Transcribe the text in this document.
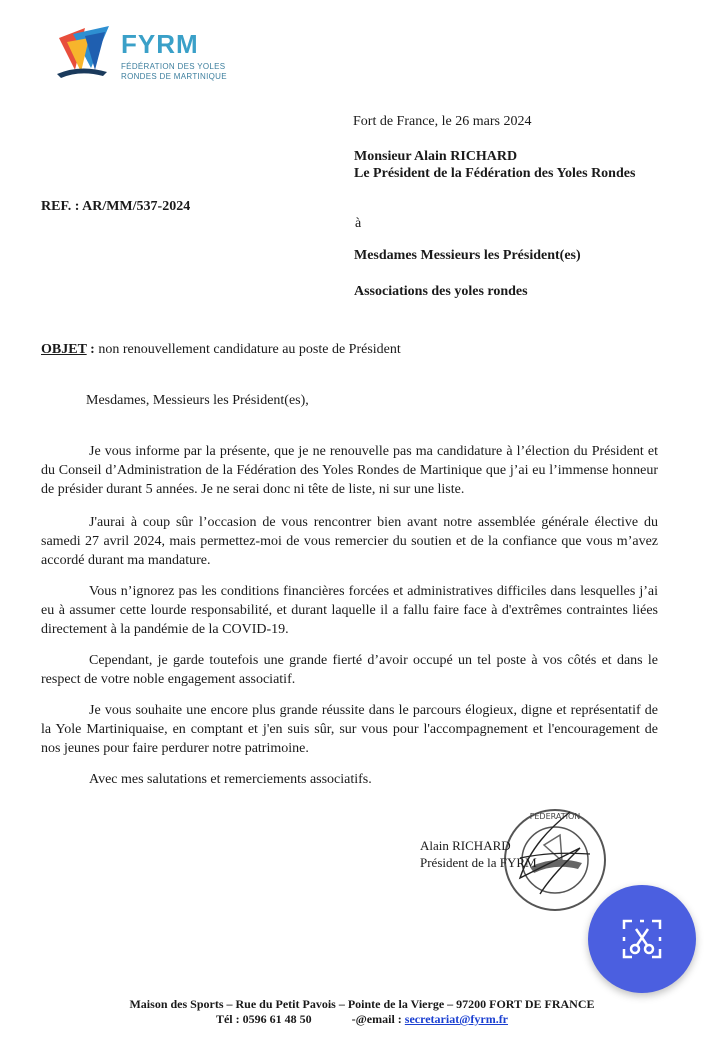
FYRM
FÉDÉRATION DES YOLES RONDES DE MARTINIQUE
Fort de France, le 26 mars 2024
Monsieur Alain RICHARD
Le Président de la Fédération des Yoles Rondes
REF. : AR/MM/537-2024
à
Mesdames Messieurs les Président(es)
Associations des yoles rondes
OBJET : non renouvellement candidature au poste de Président
Mesdames, Messieurs les Président(es),
Je vous informe par la présente, que je ne renouvelle pas ma candidature à l’élection du Président et du Conseil d’Administration de la Fédération des Yoles Rondes de Martinique que j’ai eu l’immense honneur de présider durant 5 années. Je ne serai donc ni tête de liste, ni sur une liste.
J'aurai à coup sûr l’occasion de vous rencontrer bien avant notre assemblée générale élective du samedi 27 avril 2024, mais permettez-moi de vous remercier du soutien et de la confiance que vous m’avez accordé durant ma mandature.
Vous n’ignorez pas les conditions financières forcées et administratives difficiles dans lesquelles j’ai eu à assumer cette lourde responsabilité, et durant laquelle il a fallu faire face à d'extrêmes contraintes liées directement à la pandémie de la COVID-19.
Cependant, je garde toutefois une grande fierté d’avoir occupé un tel poste à vos côtés et dans le respect de votre noble engagement associatif.
Je vous souhaite une encore plus grande réussite dans le parcours élogieux, digne et représentatif de la Yole Martiniquaise, en comptant et j'en suis sûr, sur vous pour l'accompagnement et l'encouragement de nos jeunes pour faire perdurer notre patrimoine.
Avec mes salutations et remerciements associatifs.
FEDERATION
Alain RICHARD
Président de la FYRM
Maison des Sports – Rue du Petit Pavois – Pointe de la Vierge – 97200 FORT DE FRANCE
Tél : 0596 61 48 50	-@email : secretariat@fyrm.fr
